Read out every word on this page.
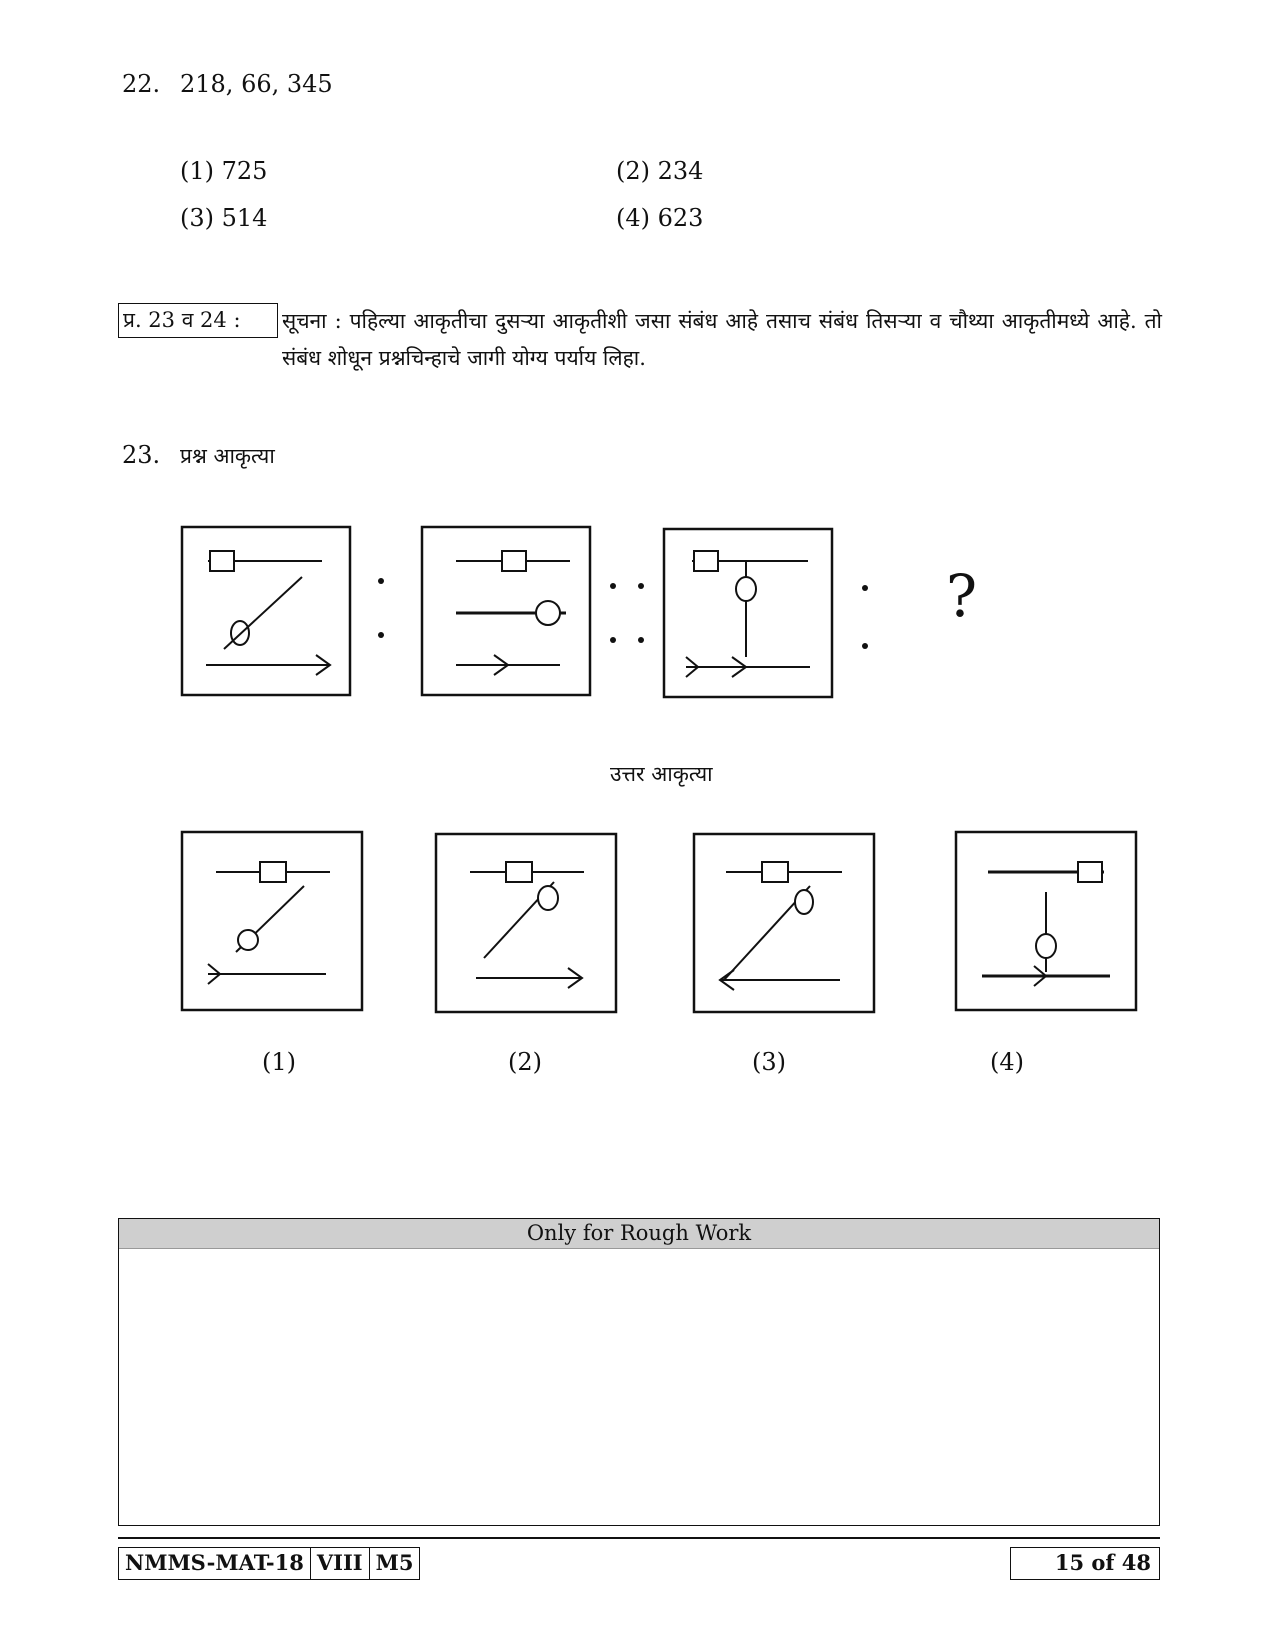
22. 218, 66, 345
(1) 725	(2) 234
(3) 514	(4) 623
प्र. 23 व 24 :	सूचना : पहिल्या आकृतीचा दुसऱ्या आकृतीशी जसा संबंध आहे तसाच संबंध तिसऱ्या व चौथ्या आकृतीमध्ये आहे. तो संबंध शोधून प्रश्नचिन्हाचे जागी योग्य पर्याय लिहा.
23. प्रश्न आकृत्या
?
उत्तर आकृत्या
(1)	(2)	(3)	(4)
Only for Rough Work
NMMS-MAT-18 VIII M5	15 of 48
